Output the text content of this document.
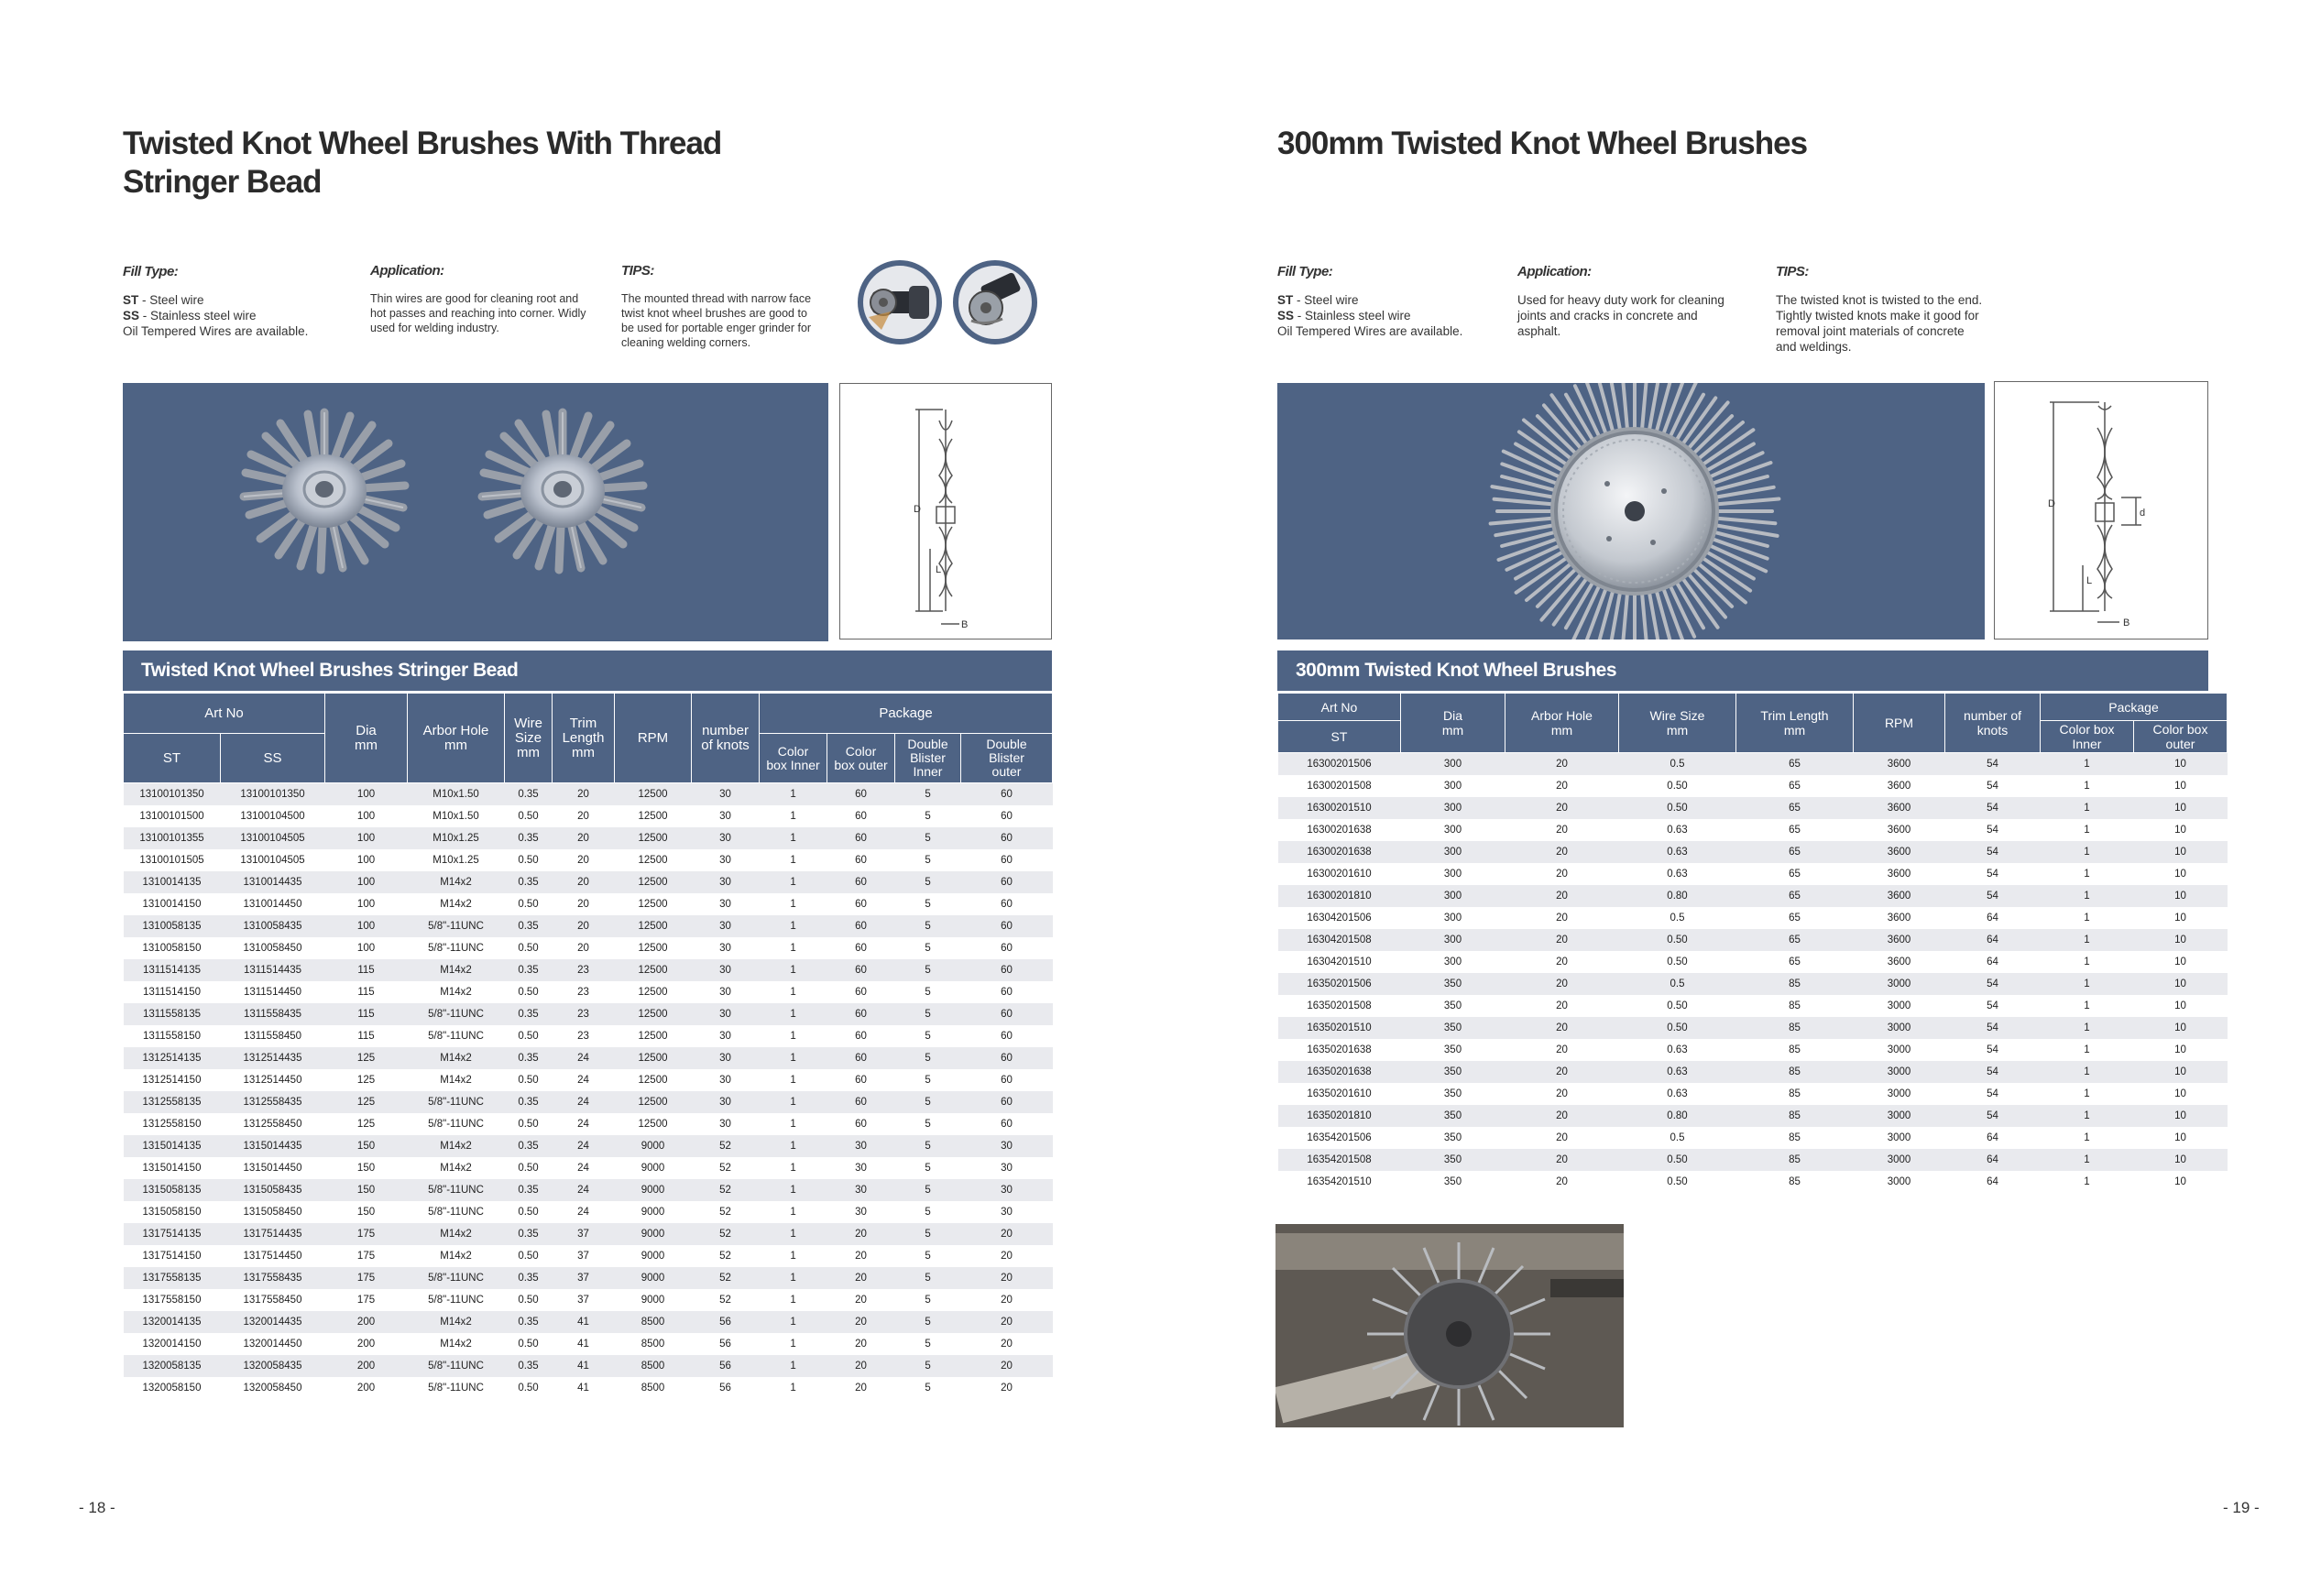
Twisted Knot Wheel Brushes With Thread
Stringer Bead
Fill Type:
ST - Steel wire
SS - Stainless steel wire
Oil Tempered Wires are available.
Application:
Thin wires are good for cleaning root and
hot passes and reaching into corner. Widly
used for welding industry.
TIPS:
The mounted thread with narrow face
twist knot wheel brushes are good to
be used for portable enger grinder for
cleaning welding corners.
D
L
B
Twisted Knot Wheel Brushes Stringer Bead
Art No		Dia
mm	Arbor Hole
mm	Wire
Size
mm	Trim
Length
mm	RPM	number
of knots	Package			
ST	SS							Color
box Inner	Color
box outer	Double
Blister
Inner	Double
Blister
outer
13100101350	13100101350	100	M10x1.50	0.35	20	12500	30	1	60	5	60
13100101500	13100104500	100	M10x1.50	0.50	20	12500	30	1	60	5	60
13100101355	13100104505	100	M10x1.25	0.35	20	12500	30	1	60	5	60
13100101505	13100104505	100	M10x1.25	0.50	20	12500	30	1	60	5	60
1310014135	1310014435	100	M14x2	0.35	20	12500	30	1	60	5	60
1310014150	1310014450	100	M14x2	0.50	20	12500	30	1	60	5	60
1310058135	1310058435	100	5/8"-11UNC	0.35	20	12500	30	1	60	5	60
1310058150	1310058450	100	5/8"-11UNC	0.50	20	12500	30	1	60	5	60
1311514135	1311514435	115	M14x2	0.35	23	12500	30	1	60	5	60
1311514150	1311514450	115	M14x2	0.50	23	12500	30	1	60	5	60
1311558135	1311558435	115	5/8"-11UNC	0.35	23	12500	30	1	60	5	60
1311558150	1311558450	115	5/8"-11UNC	0.50	23	12500	30	1	60	5	60
1312514135	1312514435	125	M14x2	0.35	24	12500	30	1	60	5	60
1312514150	1312514450	125	M14x2	0.50	24	12500	30	1	60	5	60
1312558135	1312558435	125	5/8"-11UNC	0.35	24	12500	30	1	60	5	60
1312558150	1312558450	125	5/8"-11UNC	0.50	24	12500	30	1	60	5	60
1315014135	1315014435	150	M14x2	0.35	24	9000	52	1	30	5	30
1315014150	1315014450	150	M14x2	0.50	24	9000	52	1	30	5	30
1315058135	1315058435	150	5/8"-11UNC	0.35	24	9000	52	1	30	5	30
1315058150	1315058450	150	5/8"-11UNC	0.50	24	9000	52	1	30	5	30
1317514135	1317514435	175	M14x2	0.35	37	9000	52	1	20	5	20
1317514150	1317514450	175	M14x2	0.50	37	9000	52	1	20	5	20
1317558135	1317558435	175	5/8"-11UNC	0.35	37	9000	52	1	20	5	20
1317558150	1317558450	175	5/8"-11UNC	0.50	37	9000	52	1	20	5	20
1320014135	1320014435	200	M14x2	0.35	41	8500	56	1	20	5	20
1320014150	1320014450	200	M14x2	0.50	41	8500	56	1	20	5	20
1320058135	1320058435	200	5/8"-11UNC	0.35	41	8500	56	1	20	5	20
1320058150	1320058450	200	5/8"-11UNC	0.50	41	8500	56	1	20	5	20
- 18 -
300mm Twisted Knot Wheel Brushes
Fill Type:
ST - Steel wire
SS - Stainless steel wire
Oil Tempered Wires are available.
Application:
Used for heavy duty work for cleaning
joints and cracks in concrete and
asphalt.
TIPS:
The twisted knot is twisted to the end.
Tightly twisted knots make it good for
removal joint materials of concrete
and weldings.
D
d
L
B
300mm Twisted Knot Wheel Brushes
Art No	Dia
mm	Arbor Hole
mm	Wire Size
mm	Trim Length
mm	RPM	number of
knots	Package	
ST							Color box
Inner	Color box
outer
16300201506	300	20	0.5	65	3600	54	1	10
16300201508	300	20	0.50	65	3600	54	1	10
16300201510	300	20	0.50	65	3600	54	1	10
16300201638	300	20	0.63	65	3600	54	1	10
16300201638	300	20	0.63	65	3600	54	1	10
16300201610	300	20	0.63	65	3600	54	1	10
16300201810	300	20	0.80	65	3600	54	1	10
16304201506	300	20	0.5	65	3600	64	1	10
16304201508	300	20	0.50	65	3600	64	1	10
16304201510	300	20	0.50	65	3600	64	1	10
16350201506	350	20	0.5	85	3000	54	1	10
16350201508	350	20	0.50	85	3000	54	1	10
16350201510	350	20	0.50	85	3000	54	1	10
16350201638	350	20	0.63	85	3000	54	1	10
16350201638	350	20	0.63	85	3000	54	1	10
16350201610	350	20	0.63	85	3000	54	1	10
16350201810	350	20	0.80	85	3000	54	1	10
16354201506	350	20	0.5	85	3000	64	1	10
16354201508	350	20	0.50	85	3000	64	1	10
16354201510	350	20	0.50	85	3000	64	1	10
- 19 -
